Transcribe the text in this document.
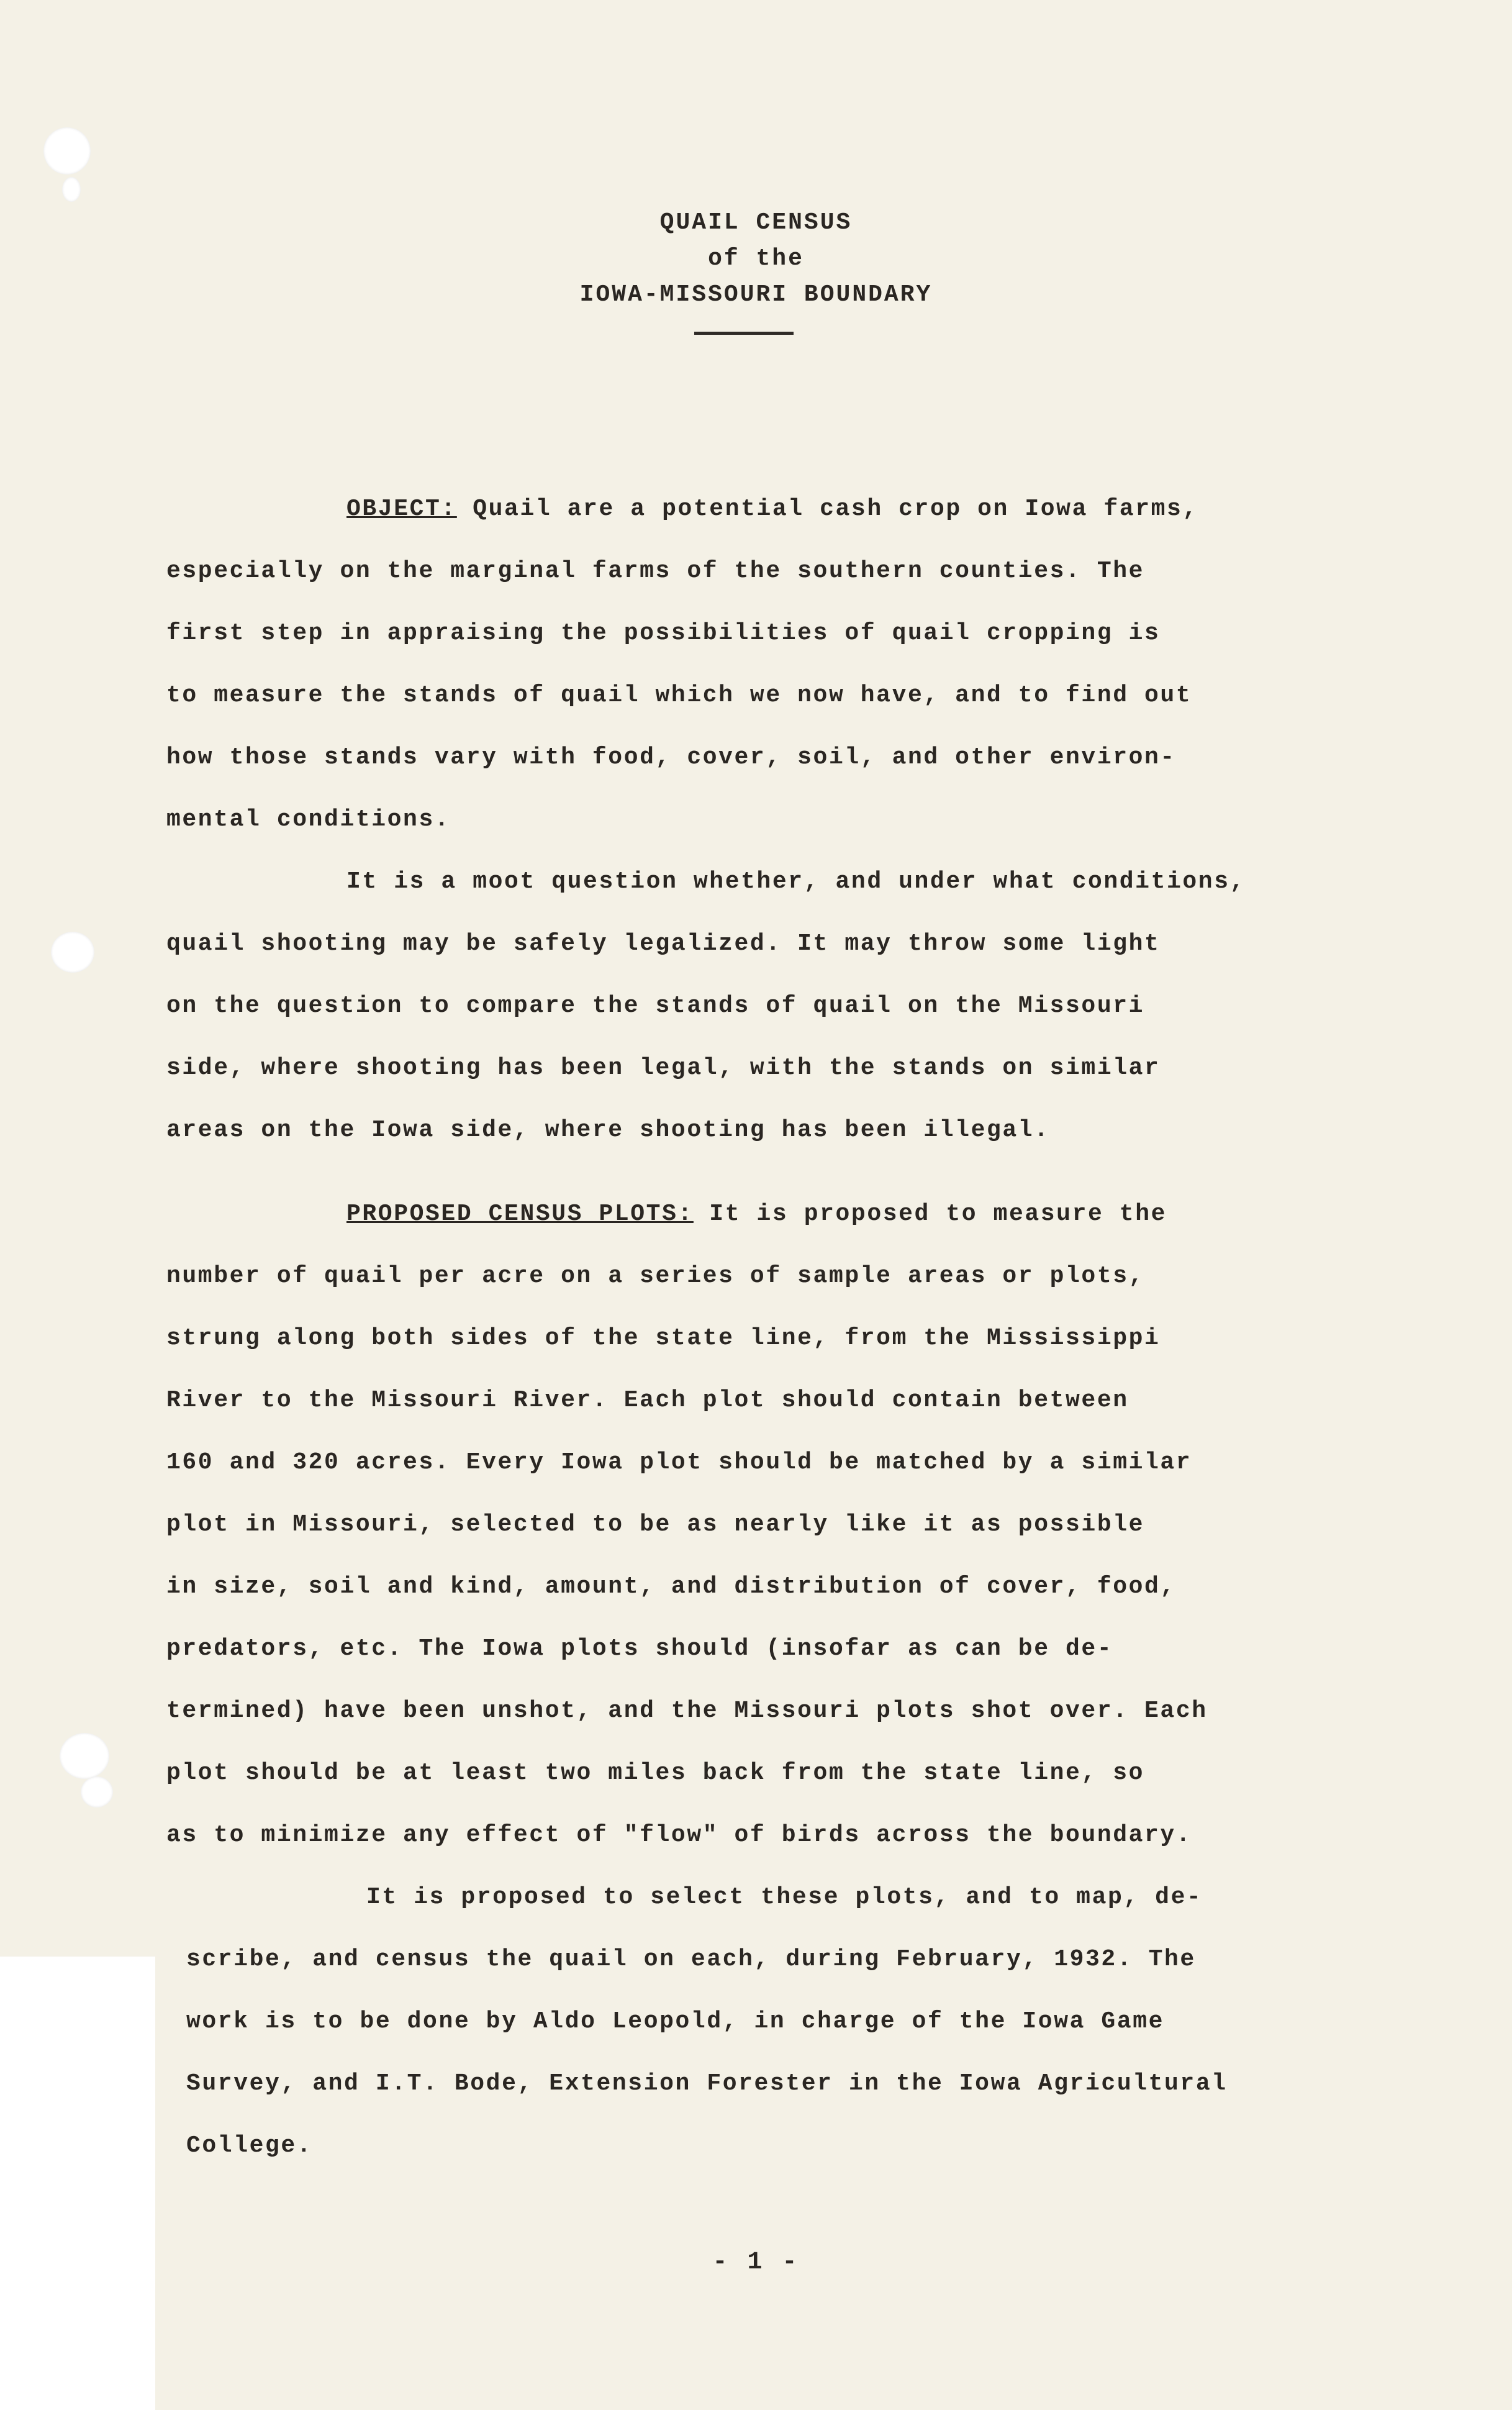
QUAIL CENSUS
of the
IOWA-MISSOURI BOUNDARY
OBJECT: Quail are a potential cash crop on Iowa farms,
especially on the marginal farms of the southern counties. The
first step in appraising the possibilities of quail cropping is
to measure the stands of quail which we now have, and to find out
how those stands vary with food, cover, soil, and other environ-
mental conditions.
It is a moot question whether, and under what conditions,
quail shooting may be safely legalized. It may throw some light
on the question to compare the stands of quail on the Missouri
side, where shooting has been legal, with the stands on similar
areas on the Iowa side, where shooting has been illegal.
PROPOSED CENSUS PLOTS: It is proposed to measure the
number of quail per acre on a series of sample areas or plots,
strung along both sides of the state line, from the Mississippi
River to the Missouri River. Each plot should contain between
160 and 320 acres. Every Iowa plot should be matched by a similar
plot in Missouri, selected to be as nearly like it as possible
in size, soil and kind, amount, and distribution of cover, food,
predators, etc. The Iowa plots should (insofar as can be de-
termined) have been unshot, and the Missouri plots shot over. Each
plot should be at least two miles back from the state line, so
as to minimize any effect of "flow" of birds across the boundary.
It is proposed to select these plots, and to map, de-
scribe, and census the quail on each, during February, 1932. The
work is to be done by Aldo Leopold, in charge of the Iowa Game
Survey, and I.T. Bode, Extension Forester in the Iowa Agricultural
College.
- 1 -
